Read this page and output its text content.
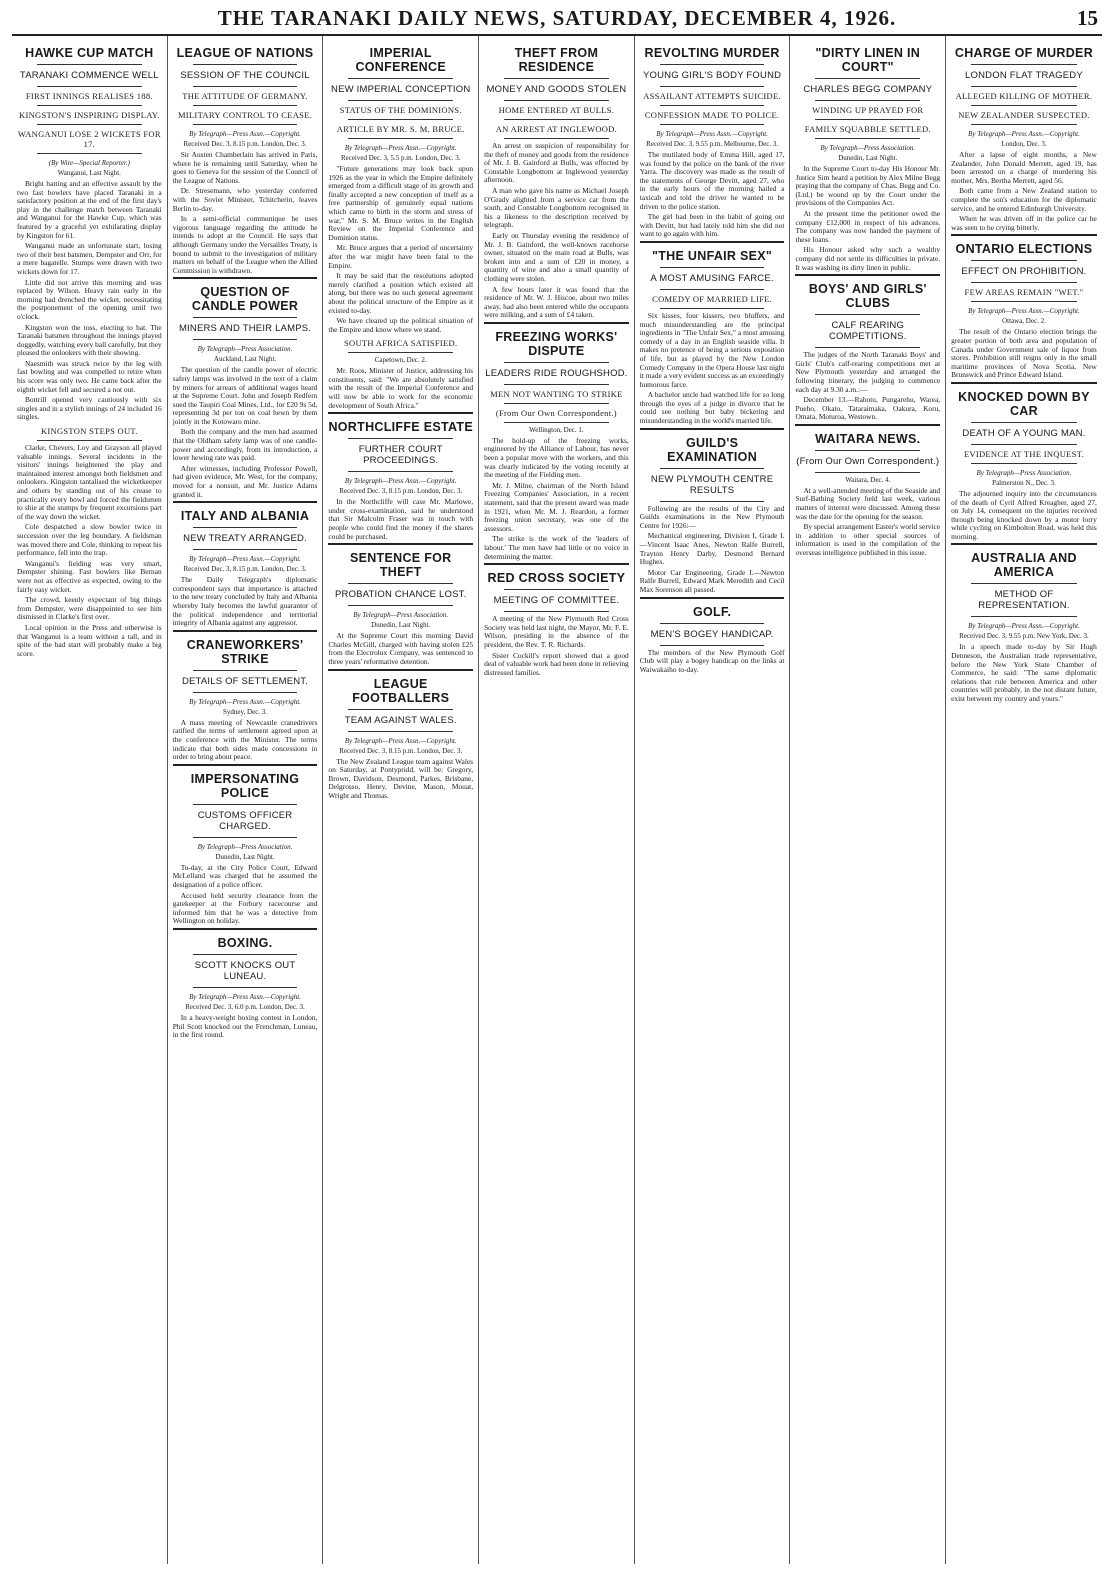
THE TARANAKI DAILY NEWS, SATURDAY, DECEMBER 4, 1926.	15
HAWKE CUP MATCH
TARANAKI COMMENCE WELL
FIRST INNINGS REALISES 188.
KINGSTON'S INSPIRING DISPLAY.
WANGANUI LOSE 2 WICKETS FOR 17.
(By Wire—Special Reporter.)
Wanganui, Last Night.

Bright batting and an effective assault by the two fast bowlers have placed Taranaki in a satisfactory position at the end of the first day's play in the challenge match between Taranaki and Wanganui for the Hawke Cup, which was featured by a graceful yet exhilarating display by Kingston for 61.

Wanganui made an unfortunate start, losing two of their best batsmen, Dempster and Orr, for a mere bagatelle. Stumps were drawn with two wickets down for 17.

Little did not arrive this morning and was replaced by Wilson. Heavy rain early in the morning had drenched the wicket, necessitating the postponement of the opening until two o'clock.

Kingston won the toss, electing to bat. The Taranaki batsmen throughout the innings played doggedly, watching every ball carefully, but they pleased the onlookers with their showing.

Naesmith was struck twice by the leg with fast bowling and was compelled to retire when his score was only two. He came back after the eighth wicket fell and secured a not out.

Bottrill opened very cautiously with six singles and in a stylish innings of 24 included 16 singles.

KINGSTON STEPS OUT.

Clarke, Chevers, Loy and Grayson all played valuable innings. Several incidents in the visitors' innings heightened the play and maintained interest amongst both fieldsmen and onlookers. Kingston tantalised the wicketkeeper and others by standing out of his crease to practically every bowl and forced the fieldsmen to shie at the stumps by frequent excursions part of the way down the wicket.

Cole despatched a slow bowler twice in succession over the leg boundary. A fieldsman was moved there and Cole, thinking to repeat his performance, fell into the trap.

Wanganui's fielding was very smart, Dempster shining. Fast bowlers like Bernan were not as effective as expected, owing to the fairly easy wicket.

The crowd, keenly expectant of big things from Dempster, were disappointed to see him dismissed in Clarke's first over.

Local opinion in the Press and otherwise is that Wanganui is a team without a tall, and in spite of the bad start will probably make a big score.

LEAGUE OF NATIONS
SESSION OF THE COUNCIL
THE ATTITUDE OF GERMANY.
MILITARY CONTROL TO CEASE.
By Telegraph—Press Assn.—Copyright.
Received Dec. 3, 8.15 p.m. London, Dec. 3.

Sir Austen Chamberlain has arrived in Paris, where he is remaining until Saturday, when he goes to Geneva for the session of the Council of the League of Nations.

Dr. Stresemann, who yesterday conferred with the Soviet Minister, Tchitcherin, leaves Berlin to-day.

In a semi-official communique he uses vigorous language regarding the attitude he intends to adopt at the Council. He says that although Germany under the Versailles Treaty, is bound to submit to the investigation of military matters on behalf of the League when the Allied Commission is withdrawn.

QUESTION OF CANDLE POWER
MINERS AND THEIR LAMPS.
By Telegraph—Press Association.
Auckland, Last Night.

The question of the candle power of electric safety lamps was involved in the text of a claim by miners for arrears of additional wages heard at the Supreme Court. John and Joseph Redfern sued the Taupiri Coal Mines, Ltd., for £20 9s 5d, representing 3d per ton on coal hewn by them jointly in the Kotowaro mine.

Both the company and the men had assumed that the Oldham safety lamp was of one candle-power and accordingly, from its introduction, a lower hewing rate was paid.

After witnesses, including Professor Powell, had given evidence, Mr. West, for the company, moved for a nonsuit, and Mr. Justice Adams granted it.

ITALY AND ALBANIA
NEW TREATY ARRANGED.
By Telegraph—Press Assn.—Copyright.
Received Dec. 3, 8.15 p.m. London, Dec. 3.

The Daily Telegraph's diplomatic correspondent says that importance is attached to the new treaty concluded by Italy and Albania whereby Italy becomes the lawful guarantor of the political independence and territorial integrity of Albania against any aggressor.

CRANEWORKERS' STRIKE
DETAILS OF SETTLEMENT.
By Telegraph—Press Assn.—Copyright.
Sydney, Dec. 3.

A mass meeting of Newcastle cranedrivers ratified the terms of settlement agreed upon at the conference with the Minister. The terms indicate that both sides made concessions in order to bring about peace.

IMPERSONATING POLICE
CUSTOMS OFFICER CHARGED.
By Telegraph—Press Association.
Dunedin, Last Night.

To-day, at the City Police Court, Edward McLelland was charged that he assumed the designation of a police officer.

Accused held security clearance from the gatekeeper at the Forbury racecourse and informed him that he was a detective from Wellington on holiday.

BOXING.
SCOTT KNOCKS OUT LUNEAU.
By Telegraph—Press Assn.—Copyright.
Received Dec. 3, 6.0 p.m. London, Dec. 3.

In a heavy-weight boxing contest in London, Phil Scott knocked out the Frenchman, Luneau, in the first round.

IMPERIAL CONFERENCE
NEW IMPERIAL CONCEPTION
STATUS OF THE DOMINIONS.
ARTICLE BY MR. S. M. BRUCE.
By Telegraph—Press Assn.—Copyright.
Received Dec. 3, 5.5 p.m. London, Dec. 3.

"Future generations may look back upon 1926 as the year in which the Empire definitely emerged from a difficult stage of its growth and finally accepted a new conception of itself as a free partnership of genuinely equal nations which came to birth in the storm and stress of war," Mr. S. M. Bruce writes in the English Review on the Imperial Conference and Dominion status.

Mr. Bruce argues that a period of uncertainty after the war might have been fatal to the Empire.

It may be said that the resolutions adopted merely clarified a position which existed all along, but there was no such general agreement about the political structure of the Empire as it existed to-day.

We have cleared up the political situation of the Empire and know where we stand.

SOUTH AFRICA SATISFIED.
Capetown, Dec. 2.

Mr. Roos, Minister of Justice, addressing his constituents, said: "We are absolutely satisfied with the result of the Imperial Conference and will now be able to work for the economic development of South Africa."

NORTHCLIFFE ESTATE
FURTHER COURT PROCEEDINGS.
By Telegraph—Press Assn.—Copyright.
Received Dec. 3, 8.15 p.m. London, Dec. 3.

In the Northcliffe will case Mr. Marlowe, under cross-examination, said he understood that Sir Malcolm Fraser was in touch with people who could find the money if the shares could be purchased.

SENTENCE FOR THEFT
PROBATION CHANCE LOST.
By Telegraph—Press Association.
Dunedin, Last Night.

At the Supreme Court this morning David Charles McGill, charged with having stolen £25 from the Electrolux Company, was sentenced to three years' reformative detention.

LEAGUE FOOTBALLERS
TEAM AGAINST WALES.
By Telegraph—Press Assn.—Copyright.
Received Dec. 3, 8.15 p.m. London, Dec. 3.

The New Zealand League team against Wales on Saturday, at Pontypridd, will be: Gregory, Brown, Davidson, Desmond, Parkes, Brisbane, Delgrosso, Henry, Devine, Mason, Mouat, Wright and Thomas.

THEFT FROM RESIDENCE
MONEY AND GOODS STOLEN
HOME ENTERED AT BULLS.
AN ARREST AT INGLEWOOD.

An arrest on suspicion of responsibility for the theft of money and goods from the residence of Mr. J. B. Gainford at Bulls, was effected by Constable Longbottom at Inglewood yesterday afternoon.

A man who gave his name as Michael Joseph O'Grady alighted from a service car from the south, and Constable Longbottom recognised in his a likeness to the description received by telegraph.

Early on Thursday evening the residence of Mr. J. B. Gainford, the well-known racehorse owner, situated on the main road at Bulls, was broken into and a sum of £20 in money, a quantity of wine and also a small quantity of clothing were stolen.

A few hours later it was found that the residence of Mr. W. J. Hiscoe, about two miles away, had also been entered while the occupants were milking, and a sum of £4 taken.

FREEZING WORKS' DISPUTE
LEADERS RIDE ROUGHSHOD.
MEN NOT WANTING TO STRIKE
(From Our Own Correspondent.)
Wellington, Dec. 1.

The hold-up of the freezing works, engineered by the Alliance of Labour, has never been a popular move with the workers, and this was clearly indicated by the voting recently at the meeting of the Fielding men.

Mr. J. Milne, chairman of the North Island Freezing Companies' Association, in a recent statement, said that the present award was made in 1921, when Mr. M. J. Reardon, a former freezing union secretary, was one of the assessors.

The strike is the work of the 'leaders of labour.' The men have had little or no voice in determining the matter.

RED CROSS SOCIETY
MEETING OF COMMITTEE.

A meeting of the New Plymouth Red Cross Society was held last night, the Mayor, Mr. F. E. Wilson, presiding in the absence of the president, the Rev. T. R. Richards.

Sister Cockill's report showed that a good deal of valuable work had been done in relieving distressed families.

REVOLTING MURDER
YOUNG GIRL'S BODY FOUND
ASSAILANT ATTEMPTS SUICIDE.
CONFESSION MADE TO POLICE.
By Telegraph—Press Assn.—Copyright.
Received Dec. 3, 9.55 p.m. Melbourne, Dec. 3.

The mutilated body of Emma Hill, aged 17, was found by the police on the bank of the river Yarra. The discovery was made as the result of the statements of George Devitt, aged 27, who in the early hours of the morning hailed a taxicab and told the driver he wanted to be driven to the police station.

The girl had been in the habit of going out with Devitt, but had lately told him she did not want to go again with him.

"THE UNFAIR SEX"
A MOST AMUSING FARCE.
COMEDY OF MARRIED LIFE.

Six kisses, four kissers, two bluffers, and much misunderstanding are the principal ingredients in "The Unfair Sex," a most amusing comedy of a day in an English seaside villa. It makes no pretence of being a serious exposition of life, but as played by the New London Comedy Company in the Opera House last night it made a very evident success as an exceedingly humorous farce.

A bachelor uncle had watched life for so long through the eyes of a judge in divorce that he could see nothing but baby bickering and misunderstanding in the world's married life.

GUILD'S EXAMINATION
NEW PLYMOUTH CENTRE RESULTS

Following are the results of the City and Guilds examinations in the New Plymouth Centre for 1926:—

Mechanical engineering, Division I, Grade I.—Vincent Isaac Anes, Newton Ralfe Burrell, Trayton Henry Darby, Desmond Bernard Hughes.

Motor Car Engineering, Grade I.—Newton Ralfe Burrell, Edward Mark Meredith and Cecil Max Sorenson all passed.

GOLF.
MEN'S BOGEY HANDICAP.

The members of the New Plymouth Golf Club will play a bogey handicap on the links at Waiwakaiho to-day.

"DIRTY LINEN IN COURT"
CHARLES BEGG COMPANY
WINDING UP PRAYED FOR
FAMILY SQUABBLE SETTLED.
By Telegraph—Press Association.
Dunedin, Last Night.

In the Supreme Court to-day His Honour Mr. Justice Sim heard a petition by Alex Milne Begg praying that the company of Chas. Begg and Co. (Ltd.) be wound up by the Court under the provisions of the Companies Act.

At the present time the petitioner owed the company £12,000 in respect of his advances. The company was now handed the payment of these loans.

His Honour asked why such a wealthy company did not settle its difficulties in private. It was washing its dirty linen in public.

BOYS' AND GIRLS' CLUBS
CALF REARING COMPETITIONS.

The judges of the North Taranaki Boys' and Girls' Club's calf-rearing competitions met at New Plymouth yesterday and arranged the following itinerary, the judging to commence each day at 9.30 a.m.:—

December 13.—Rahotu, Pungarehu, Warea, Pueho, Okato, Tataraimaka, Oakura, Koru, Omata, Moturoa, Westown.

WAITARA NEWS.
(From Our Own Correspondent.)
Waitara, Dec. 4.

At a well-attended meeting of the Seaside and Surf-Bathing Society held last week, various matters of interest were discussed. Among these was the date for the opening for the season.

By special arrangement Easter's world service in addition to other special sources of information is used in the compilation of the overseas intelligence published in this issue.

CHARGE OF MURDER
LONDON FLAT TRAGEDY
ALLEGED KILLING OF MOTHER.
NEW ZEALANDER SUSPECTED.
By Telegraph—Press Assn.—Copyright.
London, Dec. 3.

After a lapse of eight months, a New Zealander, John Donald Merrett, aged 19, has been arrested on a charge of murdering his mother, Mrs. Bertha Merrett, aged 56.

Both came from a New Zealand station to complete the son's education for the diplomatic service, and he entered Edinburgh University.

When he was driven off in the police car he was seen to be crying bitterly.

ONTARIO ELECTIONS
EFFECT ON PROHIBITION.
FEW AREAS REMAIN "WET."
By Telegraph—Press Assn.—Copyright.
Ottawa, Dec. 2.

The result of the Ontario election brings the greater portion of both area and population of Canada under Government sale of liquor from stores. Prohibition still reigns only in the small maritime provinces of Nova Scotia, New Brunswick and Prince Edward Island.

KNOCKED DOWN BY CAR
DEATH OF A YOUNG MAN.
EVIDENCE AT THE INQUEST.
By Telegraph—Press Association.
Palmerston N., Dec. 3.

The adjourned inquiry into the circumstances of the death of Cyril Alfred Kreagher, aged 27, on July 14, consequent on the injuries received through being knocked down by a motor lorry while cycling on Kimbolton Road, was held this morning.

AUSTRALIA AND AMERICA
METHOD OF REPRESENTATION.
By Telegraph—Press Assn.—Copyright.
Received Dec. 3, 9.55 p.m. New York, Dec. 3.

In a speech made to-day by Sir Hugh Denneson, the Australian trade representative, before the New York State Chamber of Commerce, he said: "The same diplomatic relations that rule between America and other countries will probably, in the not distant future, exist between my country and yours."
